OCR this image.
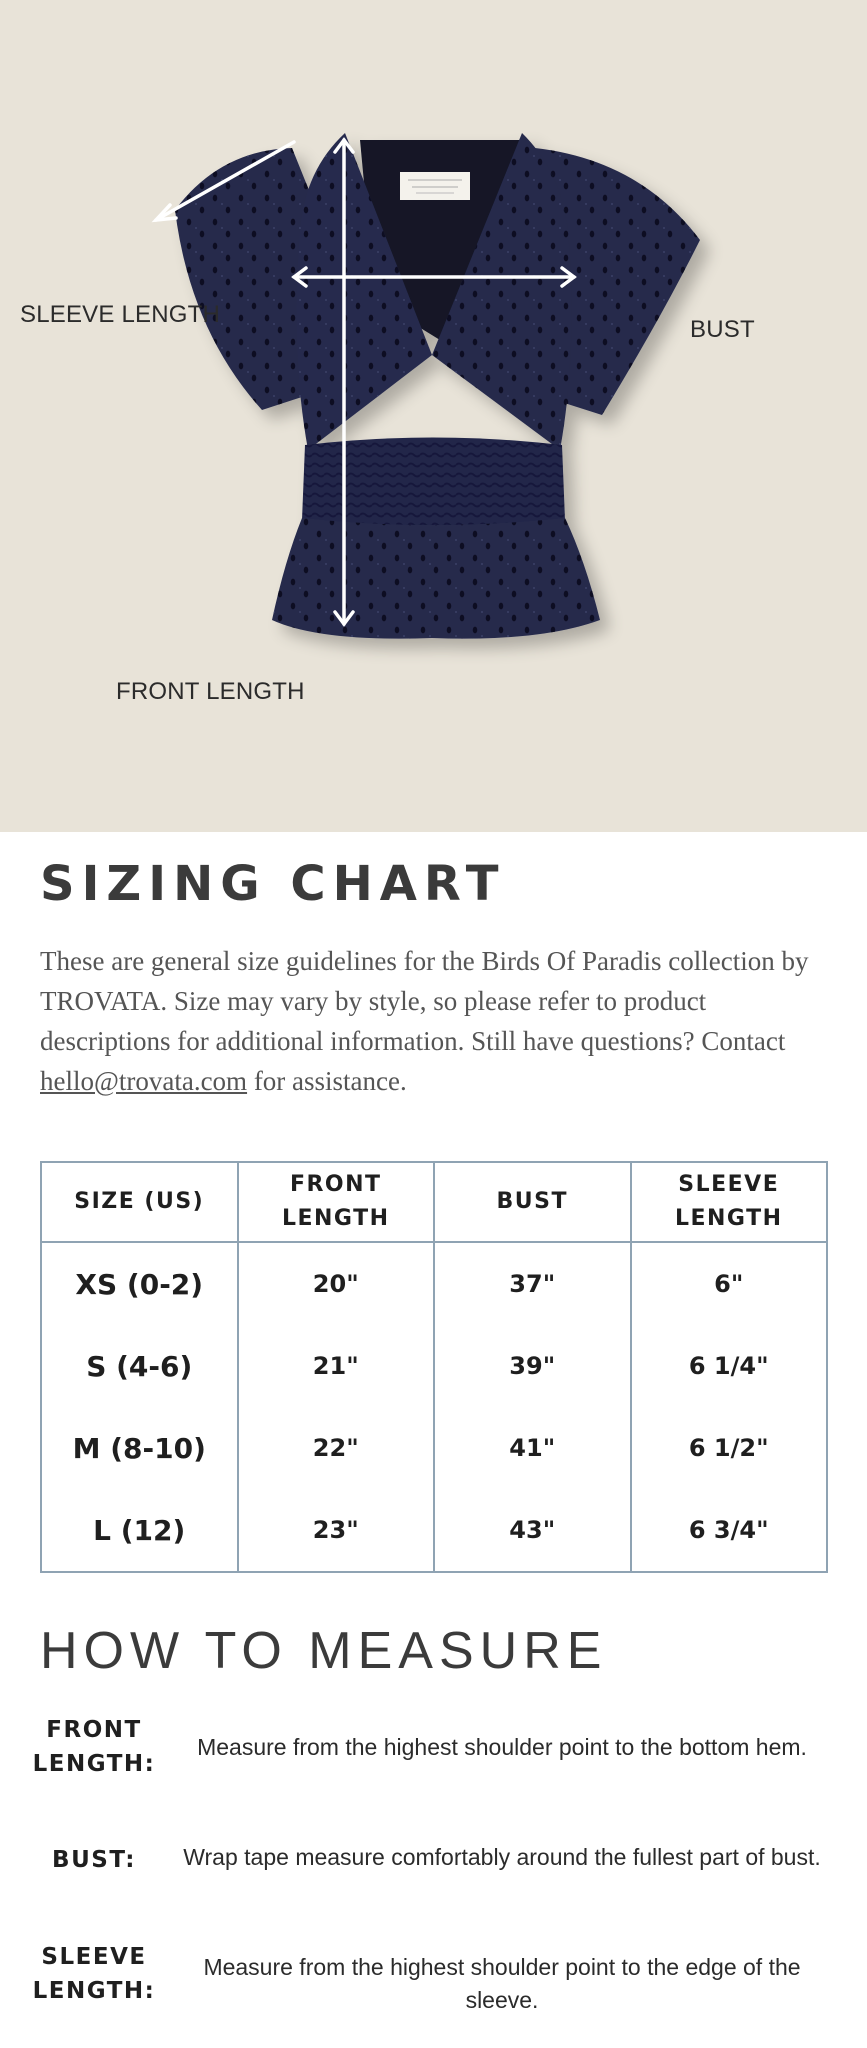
SLEEVE LENGTH
BUST
FRONT LENGTH
SIZING CHART

These are general size guidelines for the Birds Of Paradis collection by TROVATA. Size may vary by style, so please refer to product descriptions for additional information. Still have questions? Contact hello@trovata.com for assistance.

SIZE (US)	FRONT LENGTH	BUST	SLEEVE LENGTH
XS (0-2)	20"	37"	6"
S (4-6)	21"	39"	6 1/4"
M (8-10)	22"	41"	6 1/2"
L (12)	23"	43"	6 3/4"
HOW TO MEASURE
FRONT LENGTH:
Measure from the highest shoulder point to the bottom hem.
BUST:	Wrap tape measure comfortably around the fullest part of bust.
SLEEVE LENGTH:
Measure from the highest shoulder point to the edge of the sleeve.
